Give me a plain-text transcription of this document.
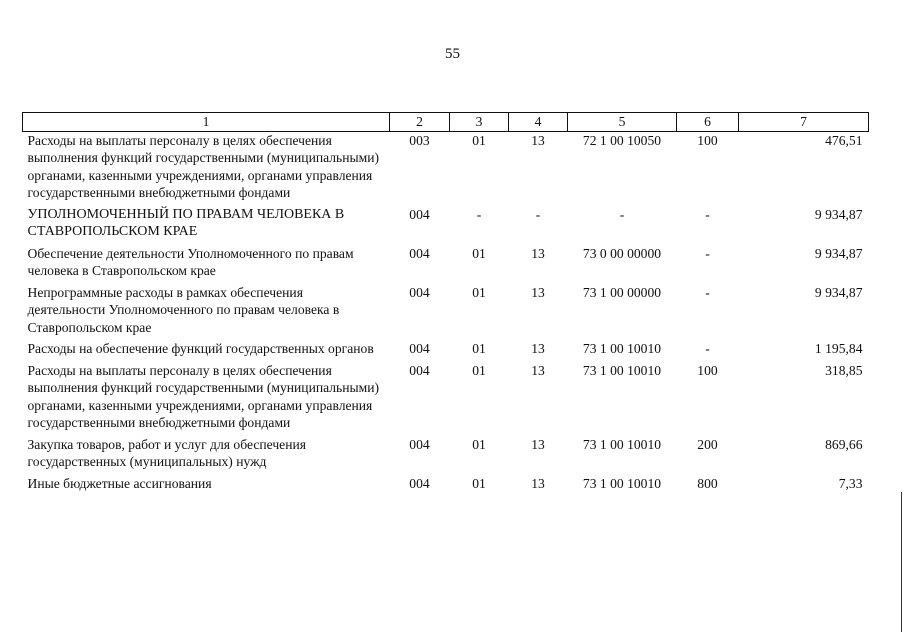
55
1	2	3	4	5	6	7
Расходы на выплаты персоналу в целях обеспечения выполнения функций государственными (муниципальными) органами, казенными учреждениями, органами управления государственными внебюджетными фондами	003	01	13	72 1 00 10050	100	476,51
УПОЛНОМОЧЕННЫЙ ПО ПРАВАМ ЧЕЛОВЕКА В СТАВРОПОЛЬСКОМ КРАЕ	004	-	-	-	-	9 934,87
Обеспечение деятельности Уполномоченного по правам человека в Ставропольском крае	004	01	13	73 0 00 00000	-	9 934,87
Непрограммные расходы в рамках обеспечения деятельности Уполномоченного по правам человека в Ставропольском крае	004	01	13	73 1 00 00000	-	9 934,87
Расходы на обеспечение функций государственных органов	004	01	13	73 1 00 10010	-	1 195,84
Расходы на выплаты персоналу в целях обеспечения выполнения функций государственными (муниципальными) органами, казенными учреждениями, органами управления государственными внебюджетными фондами	004	01	13	73 1 00 10010	100	318,85
Закупка товаров, работ и услуг для обеспечения государственных (муниципальных) нужд	004	01	13	73 1 00 10010	200	869,66
Иные бюджетные ассигнования	004	01	13	73 1 00 10010	800	7,33
